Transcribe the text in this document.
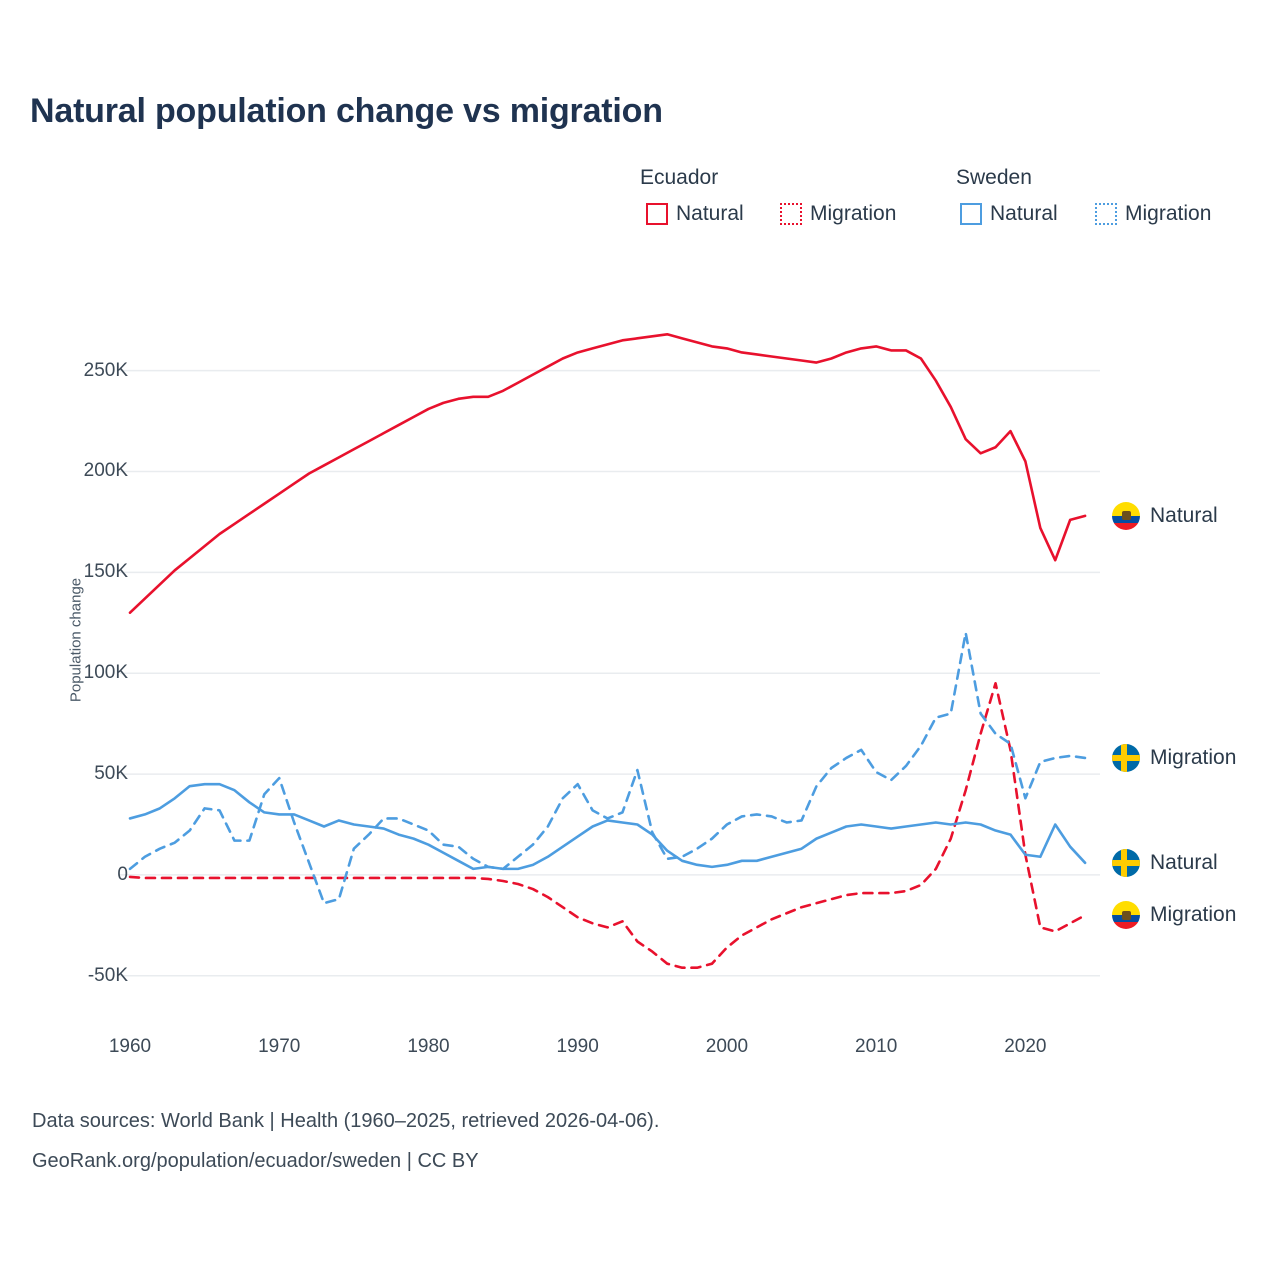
Natural population change vs migration
Ecuador	Sweden
Natural	Migration	Natural	Migration
Population change
-50K
0
50K
100K
150K
200K
250K
1960	1970	1980	1990	2000	2010	2020
Natural
Migration
Natural
Migration
Data sources: World Bank | Health (1960–2025, retrieved 2026-04-06).
GeoRank.org/population/ecuador/sweden | CC BY
